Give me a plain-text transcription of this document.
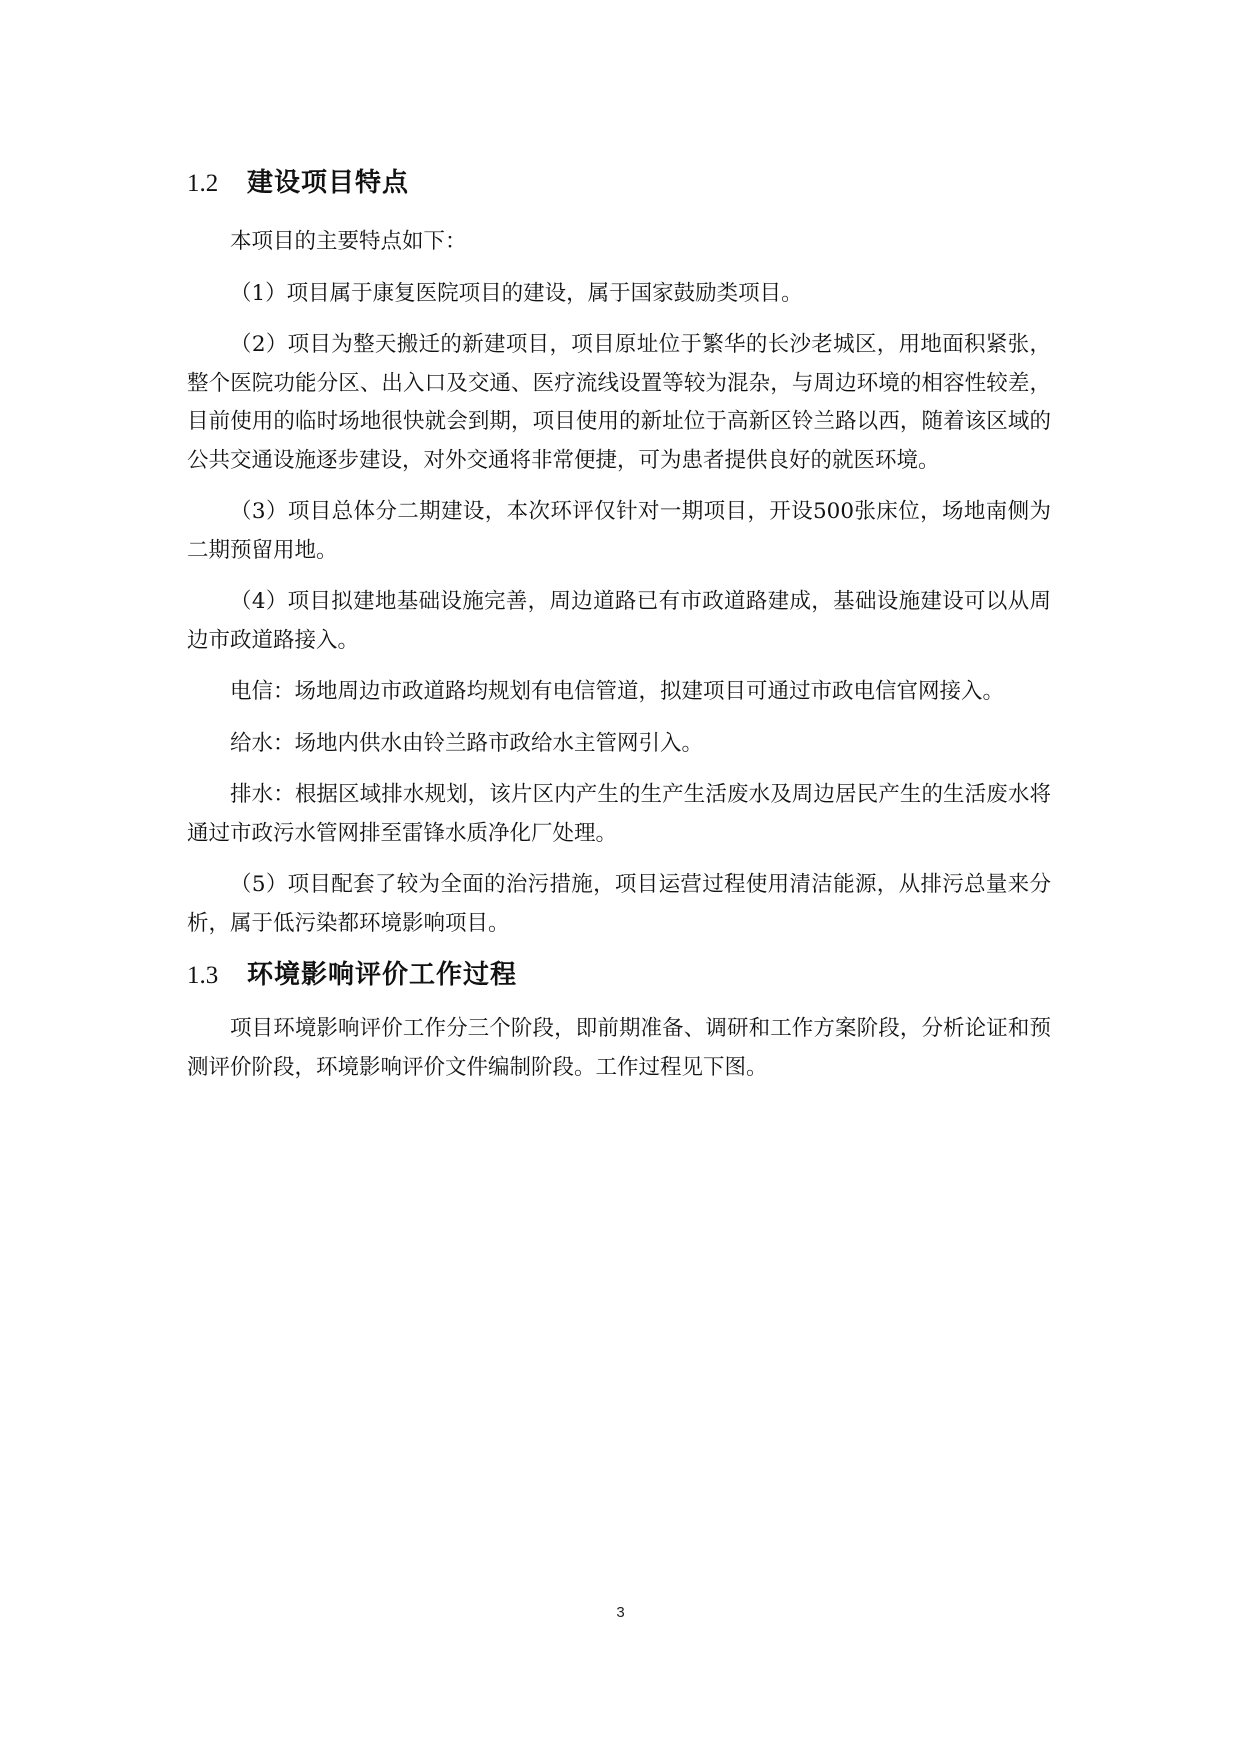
1.2	建设项目特点

本项目的主要特点如下：

（1）项目属于康复医院项目的建设，属于国家鼓励类项目。

（2）项目为整天搬迁的新建项目，项目原址位于繁华的长沙老城区，用地面积紧张，整个医院功能分区、出入口及交通、医疗流线设置等较为混杂，与周边环境的相容性较差，目前使用的临时场地很快就会到期，项目使用的新址位于高新区铃兰路以西，随着该区域的公共交通设施逐步建设，对外交通将非常便捷，可为患者提供良好的就医环境。

（3）项目总体分二期建设，本次环评仅针对一期项目，开设500张床位，场地南侧为二期预留用地。

（4）项目拟建地基础设施完善，周边道路已有市政道路建成，基础设施建设可以从周边市政道路接入。

电信：场地周边市政道路均规划有电信管道，拟建项目可通过市政电信官网接入。

给水：场地内供水由铃兰路市政给水主管网引入。

排水：根据区域排水规划，该片区内产生的生产生活废水及周边居民产生的生活废水将通过市政污水管网排至雷锋水质净化厂处理。

（5）项目配套了较为全面的治污措施，项目运营过程使用清洁能源，从排污总量来分析，属于低污染都环境影响项目。

1.3	环境影响评价工作过程

项目环境影响评价工作分三个阶段，即前期准备、调研和工作方案阶段，分析论证和预测评价阶段，环境影响评价文件编制阶段。工作过程见下图。

3
